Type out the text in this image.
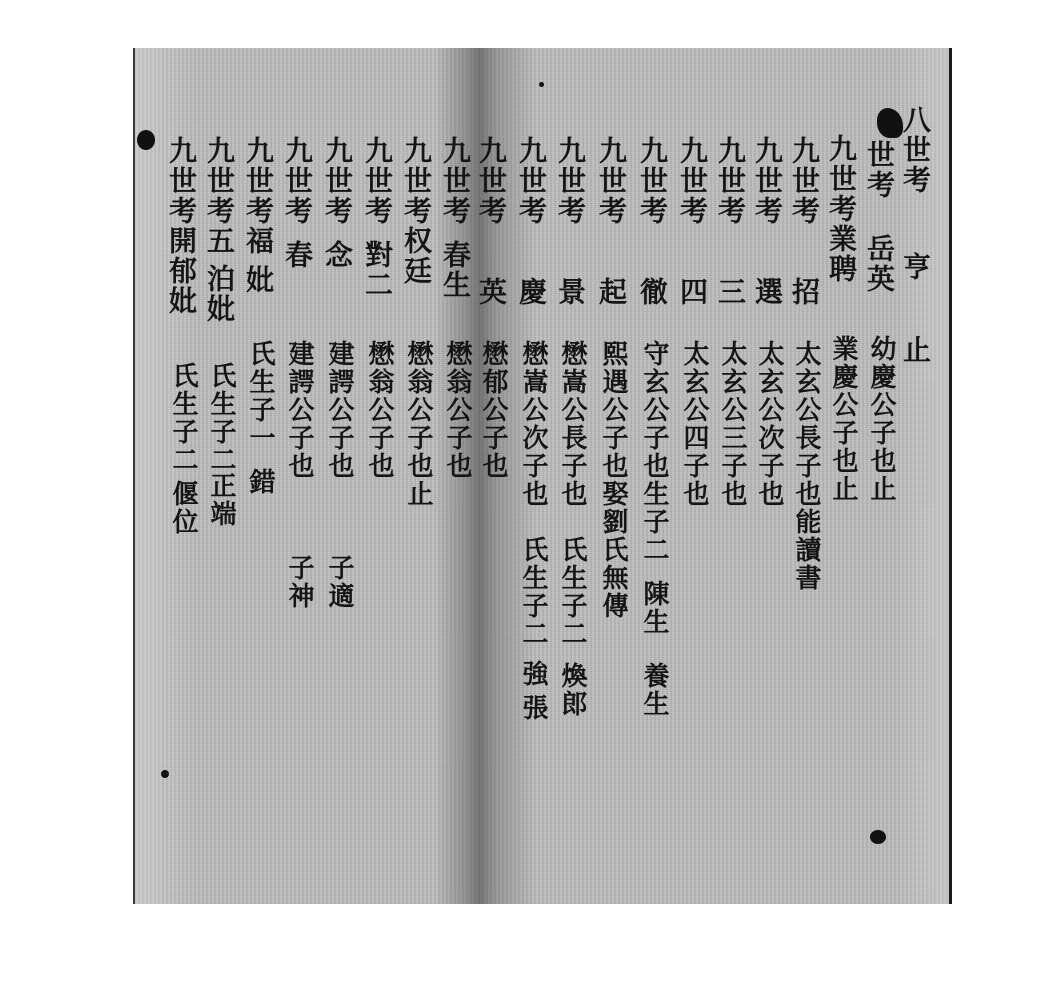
八世考
亨
止
世考
岳英
幼慶公子也止
九世考業聘
業慶公子也止
九世考
招
太玄公長子也能讀書
九世考
選
太玄公次子也
九世考
三
太玄公三子也
九世考
四
太玄公四子也
九世考
徹
守玄公子也生子二
陳生
養生
九世考
起
熙遇公子也娶劉氏無傳
九世考
景
懋嵩公長子也
氏生子二
煥郎
九世考
慶
懋嵩公次子也
氏生子二
強
張
九世考
英
懋郁公子也
九世考
春生
懋翁公子也
九世考权廷
懋翁公子也止
九世考
對二
懋翁公子也
九世考
念
建諤公子也
子適
九世考
春
建諤公子也
子神
九世考福
妣
氏生子一
錯
九世考五
泊妣
氏生子二
正端
九世考開郁妣
氏生子二
偃位
